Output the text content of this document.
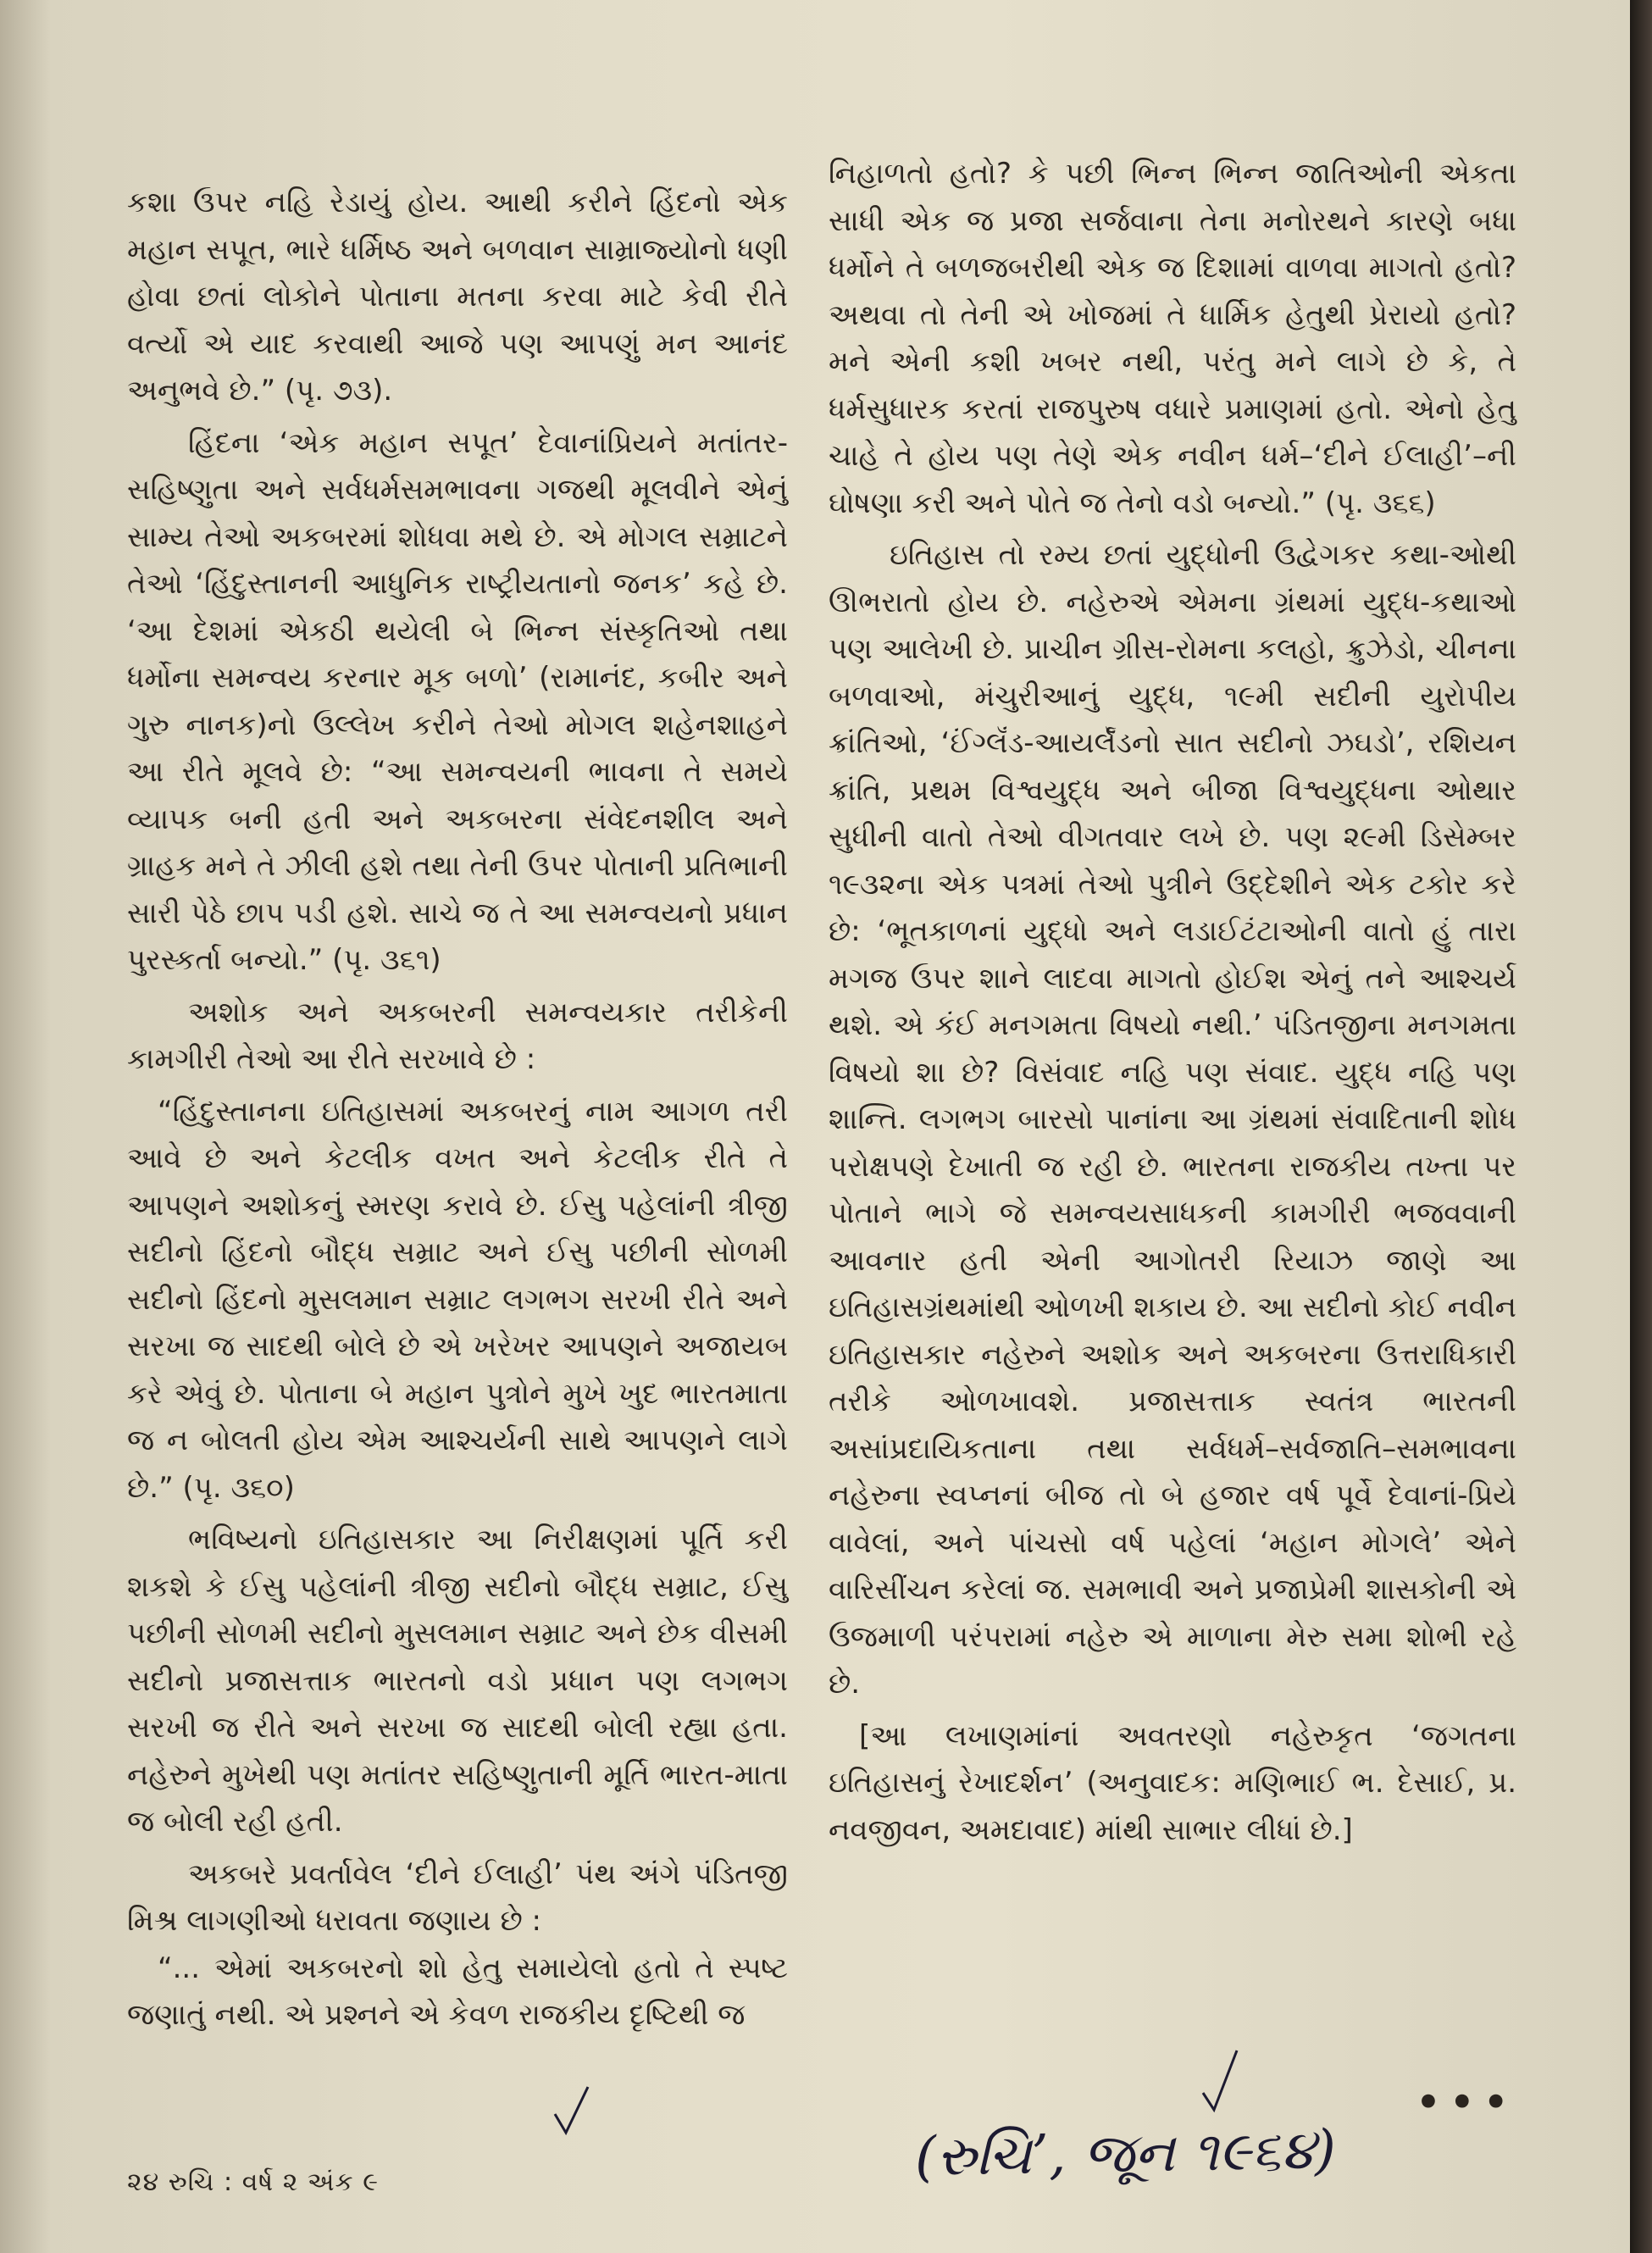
કશા ઉપર નહિ રેડાયું હોય. આથી કરીને હિંદનો એક મહાન સપૂત, ભારે ધર્મિષ્ઠ અને બળવાન સામ્રાજ્યોનો ધણી હોવા છતાં લોકોને પોતાના મતના કરવા માટે કેવી રીતે વર્ત્યો એ યાદ કરવાથી આજે પણ આપણું મન આનંદ અનુભવે છે.” (પૃ. ૭૩).

હિંદના ‘એક મહાન સપૂત’ દેવાનાંપ્રિયને મતાંતર-સહિષ્ણુતા અને સર્વધર્મસમભાવના ગજથી મૂલવીને એનું સામ્ય તેઓ અકબરમાં શોધવા મથે છે. એ મોગલ સમ્રાટને તેઓ ‘હિંદુસ્તાનની આધુનિક રાષ્ટ્રીયતાનો જનક’ કહે છે. ‘આ દેશમાં એકઠી થયેલી બે ભિન્ન સંસ્કૃતિઓ તથા ધર્મોના સમન્વય કરનાર મૂક બળો’ (રામાનંદ, કબીર અને ગુરુ નાનક)નો ઉલ્લેખ કરીને તેઓ મોગલ શહેનશાહને આ રીતે મૂલવે છે: “આ સમન્વયની ભાવના તે સમયે વ્યાપક બની હતી અને અકબરના સંવેદનશીલ અને ગ્રાહક મને તે ઝીલી હશે તથા તેની ઉપર પોતાની પ્રતિભાની સારી પેઠે છાપ પડી હશે. સાચે જ તે આ સમન્વયનો પ્રધાન પુરસ્કર્તા બન્યો.” (પૃ. ૩૬૧)

અશોક અને અકબરની સમન્વયકાર તરીકેની કામગીરી તેઓ આ રીતે સરખાવે છે :

“હિંદુસ્તાનના ઇતિહાસમાં અકબરનું નામ આગળ તરી આવે છે અને કેટલીક વખત અને કેટલીક રીતે તે આપણને અશોકનું સ્મરણ કરાવે છે. ઈસુ પહેલાંની ત્રીજી સદીનો હિંદનો બૌદ્ધ સમ્રાટ અને ઈસુ પછીની સોળમી સદીનો હિંદનો મુસલમાન સમ્રાટ લગભગ સરખી રીતે અને સરખા જ સાદથી બોલે છે એ ખરેખર આપણને અજાયબ કરે એવું છે. પોતાના બે મહાન પુત્રોને મુખે ખુદ ભારતમાતા જ ન બોલતી હોય એમ આશ્ચર્યની સાથે આપણને લાગે છે.” (પૃ. ૩૬૦)

ભવિષ્યનો ઇતિહાસકાર આ નિરીક્ષણમાં પૂર્તિ કરી શકશે કે ઈસુ પહેલાંની ત્રીજી સદીનો બૌદ્ધ સમ્રાટ, ઈસુ પછીની સોળમી સદીનો મુસલમાન સમ્રાટ અને છેક વીસમી સદીનો પ્રજાસત્તાક ભારતનો વડો પ્રધાન પણ લગભગ સરખી જ રીતે અને સરખા જ સાદથી બોલી રહ્યા હતા. નહેરુને મુખેથી પણ મતાંતર સહિષ્ણુતાની મૂર્તિ ભારત-માતા જ બોલી રહી હતી.

અકબરે પ્રવર્તાવેલ ‘દીને ઈલાહી’ પંથ અંગે પંડિતજી મિશ્ર લાગણીઓ ધરાવતા જણાય છે :

“... એમાં અકબરનો શો હેતુ સમાયેલો હતો તે સ્પષ્ટ જણાતું નથી. એ પ્રશ્નને એ કેવળ રાજકીય દૃષ્ટિથી જ

નિહાળતો હતો? કે પછી ભિન્ન ભિન્ન જાતિઓની એકતા સાધી એક જ પ્રજા સર્જવાના તેના મનોરથને કારણે બધા ધર્મોને તે બળજબરીથી એક જ દિશામાં વાળવા માગતો હતો? અથવા તો તેની એ ખોજમાં તે ધાર્મિક હેતુથી પ્રેરાયો હતો? મને એની કશી ખબર નથી, પરંતુ મને લાગે છે કે, તે ધર્મસુધારક કરતાં રાજપુરુષ વધારે પ્રમાણમાં હતો. એનો હેતુ ચાહે તે હોય પણ તેણે એક નવીન ધર્મ–‘દીને ઈલાહી’–ની ઘોષણા કરી અને પોતે જ તેનો વડો બન્યો.” (પૃ. ૩૬૬)

ઇતિહાસ તો રમ્ય છતાં યુદ્ધોની ઉદ્વેગકર કથા-ઓથી ઊભરાતો હોય છે. નહેરુએ એમના ગ્રંથમાં યુદ્ધ-કથાઓ પણ આલેખી છે. પ્રાચીન ગ્રીસ-રોમના કલહો, ક્રુઝેડો, ચીનના બળવાઓ, મંચુરીઆનું યુદ્ધ, ૧૯મી સદીની યુરોપીય ક્રાંતિઓ, ‘ઈંગ્લૅંડ-આયર્લૅંડનો સાત સદીનો ઝઘડો’, રશિયન ક્રાંતિ, પ્રથમ વિશ્વયુદ્ધ અને બીજા વિશ્વયુદ્ધના ઓથાર સુધીની વાતો તેઓ વીગતવાર લખે છે. પણ ૨૯મી ડિસેમ્બર ૧૯૩૨ના એક પત્રમાં તેઓ પુત્રીને ઉદ્દેશીને એક ટકોર કરે છે: ‘ભૂતકાળનાં યુદ્ધો અને લડાઈટંટાઓની વાતો હું તારા મગજ ઉપર શાને લાદવા માગતો હોઈશ એનું તને આશ્ચર્ય થશે. એ કંઈ મનગમતા વિષયો નથી.’ પંડિતજીના મનગમતા વિષયો શા છે? વિસંવાદ નહિ પણ સંવાદ. યુદ્ધ નહિ પણ શાન્તિ. લગભગ બારસો પાનાંના આ ગ્રંથમાં સંવાદિતાની શોધ પરોક્ષપણે દેખાતી જ રહી છે. ભારતના રાજકીય તખ્તા પર પોતાને ભાગે જે સમન્વયસાધકની કામગીરી ભજવવાની આવનાર હતી એની આગોતરી રિયાઝ જાણે આ ઇતિહાસગ્રંથમાંથી ઓળખી શકાય છે. આ સદીનો કોઈ નવીન ઇતિહાસકાર નહેરુને અશોક અને અકબરના ઉત્તરાધિકારી તરીકે ઓળખાવશે. પ્રજાસત્તાક સ્વતંત્ર ભારતની અસાંપ્રદાયિકતાના તથા સર્વધર્મ–સર્વજાતિ–સમભાવના નહેરુના સ્વપ્નનાં બીજ તો બે હજાર વર્ષ પૂર્વે દેવાનાં-પ્રિયે વાવેલાં, અને પાંચસો વર્ષ પહેલાં ‘મહાન મોગલે’ એને વારિસીંચન કરેલાં જ. સમભાવી અને પ્રજાપ્રેમી શાસકોની એ ઉજમાળી પરંપરામાં નહેરુ એ માળાના મેરુ સમા શોભી રહે છે.

[આ લખાણમાંનાં અવતરણો નહેરુકૃત ‘જગતના ઇતિહાસનું રેખાદર્શન’ (અનુવાદક: મણિભાઈ ભ. દેસાઈ, પ્ર. નવજીવન, અમદાવાદ) માંથી સાભાર લીધાં છે.]

•••
૨૪ રુચિ : વર્ષ ૨ અંક ૯	(રુચિ’, જૂન ૧૯૬૪)
